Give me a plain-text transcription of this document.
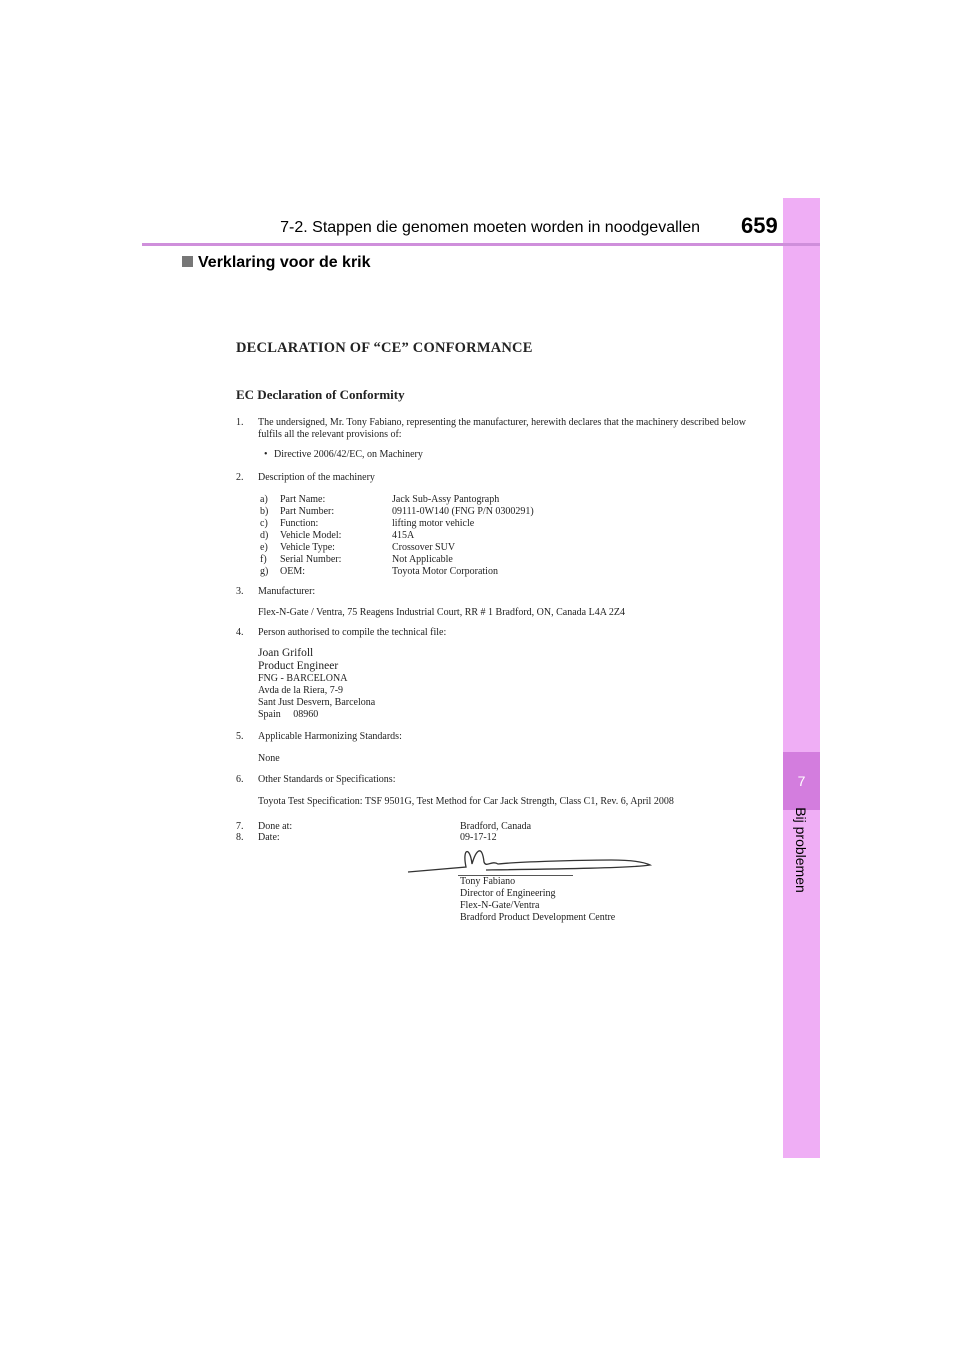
7
Bij problemen
7-2. Stappen die genomen moeten worden in noodgevallen 659
Verklaring voor de krik
DECLARATION OF “CE” CONFORMANCE
EC Declaration of Conformity
1. The undersigned, Mr. Tony Fabiano, representing the manufacturer, herewith declares that the machinery described below
fulfils all the relevant provisions of:
• Directive 2006/42/EC, on Machinery
2. Description of the machinery
a) Part Name:	Jack Sub-Assy Pantograph
b) Part Number:	09111-0W140 (FNG P/N 0300291)
c) Function:	lifting motor vehicle
d) Vehicle Model:	415A
e) Vehicle Type:	Crossover SUV
f) Serial Number:	Not Applicable
g) OEM:	Toyota Motor Corporation
3. Manufacturer:
Flex-N-Gate / Ventra, 75 Reagens Industrial Court, RR # 1 Bradford, ON, Canada L4A 2Z4
4. Person authorised to compile the technical file:
Joan Grifoll
Product Engineer
FNG - BARCELONA
Avda de la Riera, 7-9
Sant Just Desvern, Barcelona
Spain     08960
5. Applicable Harmonizing Standards:
None
6. Other Standards or Specifications:
Toyota Test Specification: TSF 9501G, Test Method for Car Jack Strength, Class C1, Rev. 6, April 2008
7. Done at:	Bradford, Canada
8. Date:	09-17-12
Tony Fabiano
Director of Engineering
Flex-N-Gate/Ventra
Bradford Product Development Centre
